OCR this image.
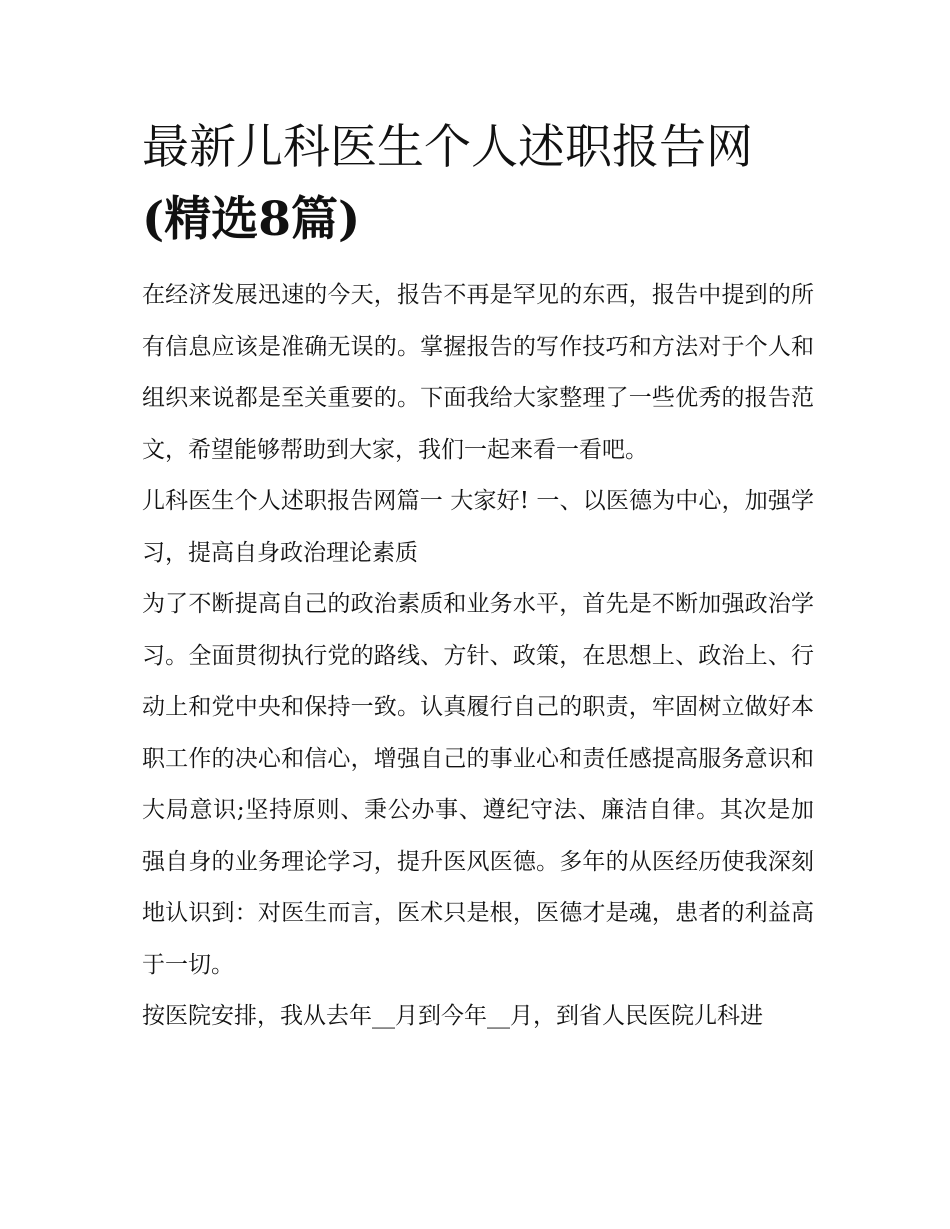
最新儿科医生个人述职报告网
(精选8篇)

在经济发展迅速的今天，报告不再是罕见的东西，报告中提到的所有信息应该是准确无误的。掌握报告的写作技巧和方法对于个人和组织来说都是至关重要的。下面我给大家整理了一些优秀的报告范文，希望能够帮助到大家，我们一起来看一看吧。

儿科医生个人述职报告网篇一 大家好! 一、以医德为中心，加强学习，提高自身政治理论素质

为了不断提高自己的政治素质和业务水平，首先是不断加强政治学习。全面贯彻执行党的路线、方针、政策，在思想上、政治上、行动上和党中央和保持一致。认真履行自己的职责，牢固树立做好本职工作的决心和信心，增强自己的事业心和责任感提高服务意识和大局意识;坚持原则、秉公办事、遵纪守法、廉洁自律。其次是加强自身的业务理论学习，提升医风医德。多年的从医经历使我深刻地认识到：对医生而言，医术只是根，医德才是魂，患者的利益高于一切。

按医院安排，我从去年__月到今年__月，到省人民医院儿科进
